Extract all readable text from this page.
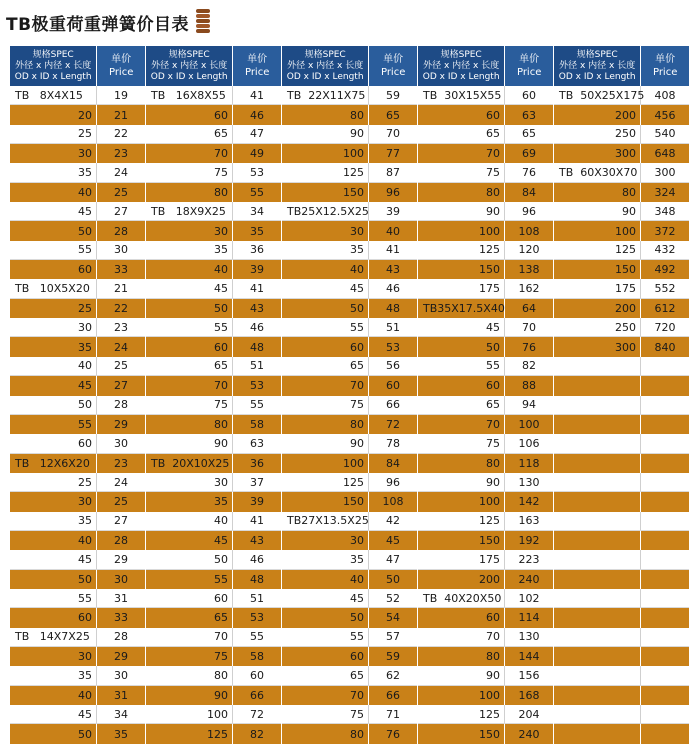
TB极重荷重弹簧价目表
规格SPEC
外径 x 内径 x 长度
OD x ID x Length
单价
Price
TB   8X4X15	19
20	21
25	22
30	23
35	24
40	25
45	27
50	28
55	30
60	33
TB   10X5X20	21
25	22
30	23
35	24
40	25
45	27
50	28
55	29
60	30
TB   12X6X20	23
25	24
30	25
35	27
40	28
45	29
50	30
55	31
60	33
TB   14X7X25	28
30	29
35	30
40	31
45	34
50	35
规格SPEC
外径 x 内径 x 长度
OD x ID x Length
单价
Price
TB   16X8X55	41
60	46
65	47
70	49
75	53
80	55
TB   18X9X25	34
30	35
35	36
40	39
45	41
50	43
55	46
60	48
65	51
70	53
75	55
80	58
90	63
TB  20X10X25	36
30	37
35	39
40	41
45	43
50	46
55	48
60	51
65	53
70	55
75	58
80	60
90	66
100	72
125	82
规格SPEC
外径 x 内径 x 长度
OD x ID x Length
单价
Price
TB  22X11X75	59
80	65
90	70
100	77
125	87
150	96
TB25X12.5X25	39
30	40
35	41
40	43
45	46
50	48
55	51
60	53
65	56
70	60
75	66
80	72
90	78
100	84
125	96
150	108
TB27X13.5X25	42
30	45
35	47
40	50
45	52
50	54
55	57
60	59
65	62
70	66
75	71
80	76
规格SPEC
外径 x 内径 x 长度
OD x ID x Length
单价
Price
TB  30X15X55	60
60	63
65	65
70	69
75	76
80	84
90	96
100	108
125	120
150	138
175	162
TB35X17.5X40	64
45	70
50	76
55	82
60	88
65	94
70	100
75	106
80	118
90	130
100	142
125	163
150	192
175	223
200	240
TB  40X20X50	102
60	114
70	130
80	144
90	156
100	168
125	204
150	240
规格SPEC
外径 x 内径 x 长度
OD x ID x Length
单价
Price
TB  50X25X175 408
200	456
250	540
300	648
TB  60X30X70	300
80	324
90	348
100	372
125	432
150	492
175	552
200	612
250	720
300	840
